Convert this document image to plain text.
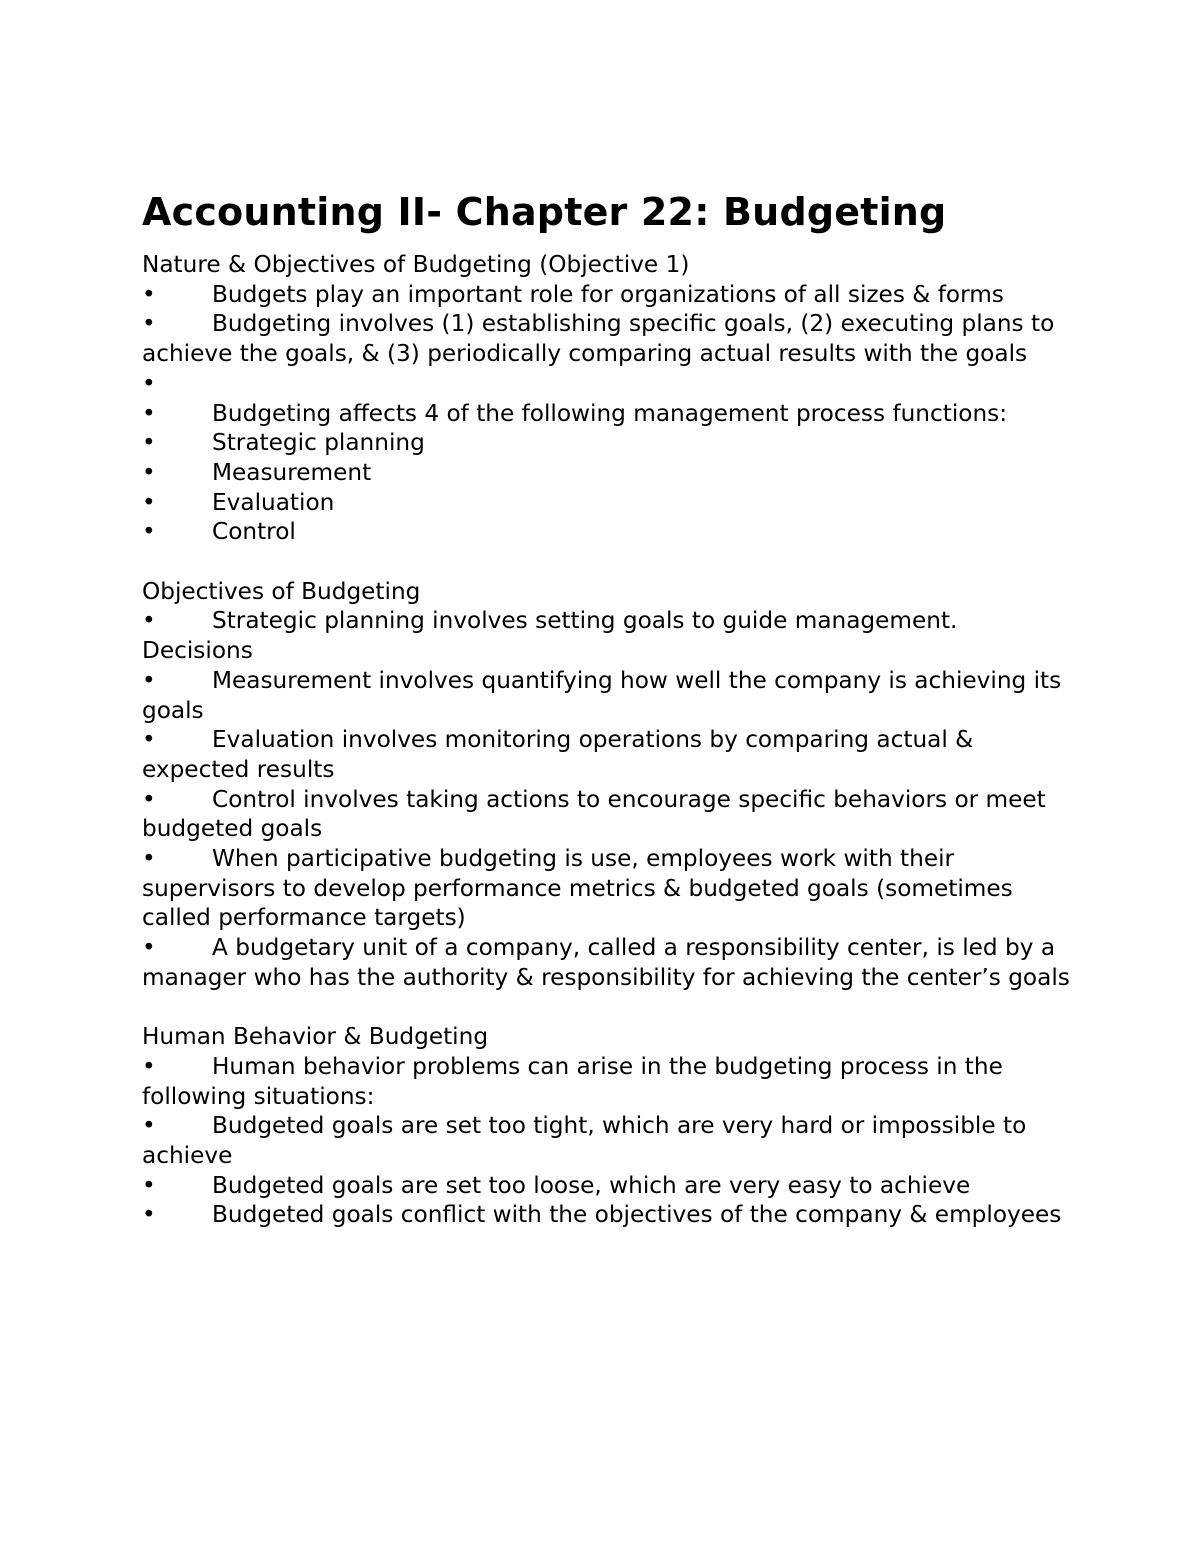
Accounting II- Chapter 22: Budgeting

Nature & Objectives of Budgeting (Objective 1)

• Budgets play an important role for organizations of all sizes & forms

• Budgeting involves (1) establishing specific goals, (2) executing plans to achieve the goals, & (3) periodically comparing actual results with the goals

•

• Budgeting affects 4 of the following management process functions:

• Strategic planning

• Measurement

• Evaluation

• Control

Objectives of Budgeting

• Strategic planning involves setting goals to guide management. Decisions

• Measurement involves quantifying how well the company is achieving its goals

• Evaluation involves monitoring operations by comparing actual & expected results

• Control involves taking actions to encourage specific behaviors or meet budgeted goals

• When participative budgeting is use, employees work with their supervisors to develop performance metrics & budgeted goals (sometimes called performance targets)

• A budgetary unit of a company, called a responsibility center, is led by a manager who has the authority & responsibility for achieving the center’s goals

Human Behavior & Budgeting

• Human behavior problems can arise in the budgeting process in the following situations:

• Budgeted goals are set too tight, which are very hard or impossible to achieve

• Budgeted goals are set too loose, which are very easy to achieve

• Budgeted goals conflict with the objectives of the company & employees
